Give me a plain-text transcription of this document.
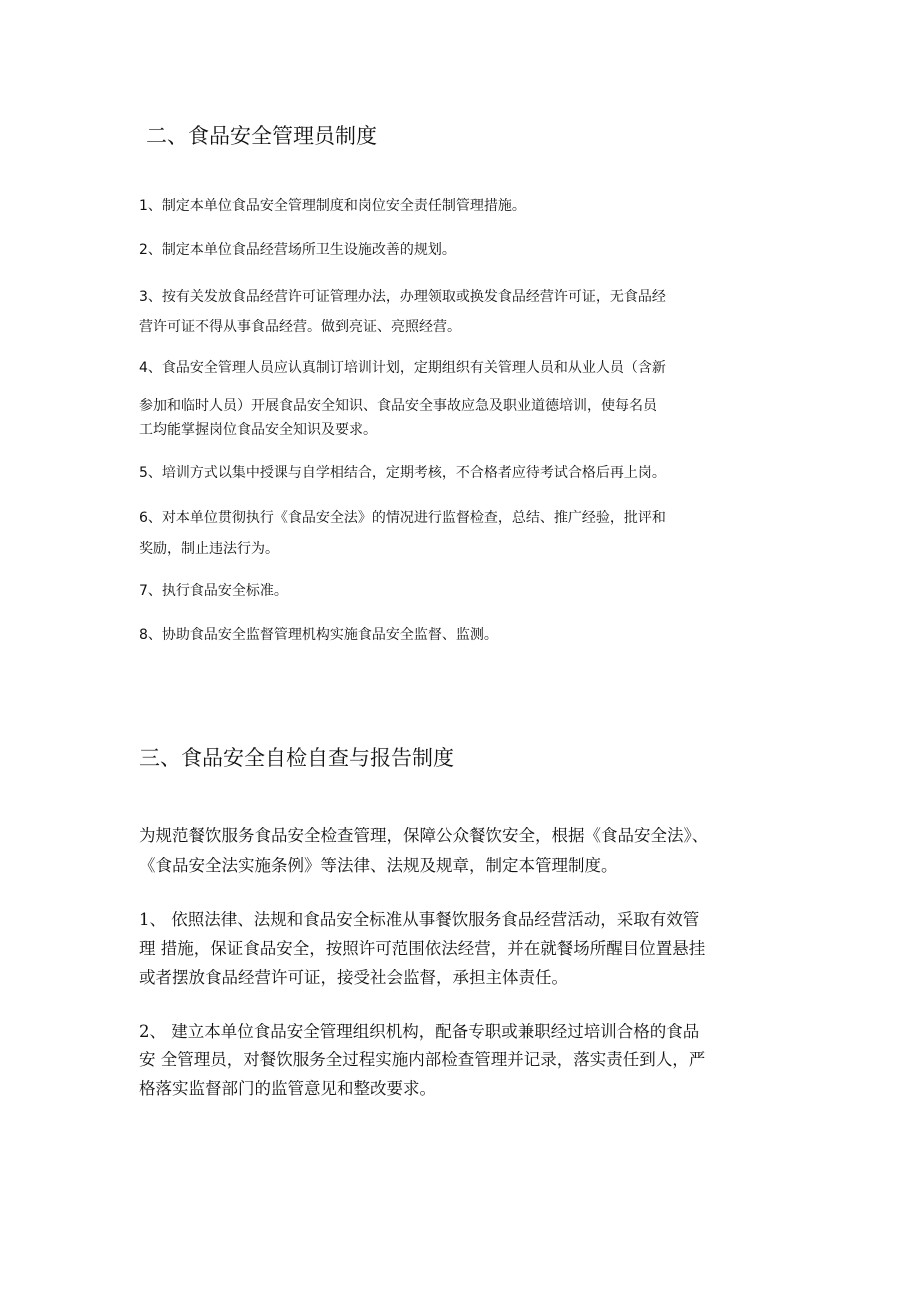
二、食品安全管理员制度
1、制定本单位食品安全管理制度和岗位安全责任制管理措施。
2、制定本单位食品经营场所卫生设施改善的规划。
3、按有关发放食品经营许可证管理办法，办理领取或换发食品经营许可证，无食品经
营许可证不得从事食品经营。做到亮证、亮照经营。
4、食品安全管理人员应认真制订培训计划，定期组织有关管理人员和从业人员（含新
参加和临时人员）开展食品安全知识、食品安全事故应急及职业道德培训，使每名员
工均能掌握岗位食品安全知识及要求。
5、培训方式以集中授课与自学相结合，定期考核，不合格者应待考试合格后再上岗。
6、对本单位贯彻执行《食品安全法》的情况进行监督检查，总结、推广经验，批评和
奖励，制止违法行为。
7、执行食品安全标准。
8、协助食品安全监督管理机构实施食品安全监督、监测。
三、食品安全自检自查与报告制度
为规范餐饮服务食品安全检查管理，保障公众餐饮安全，根据《食品安全法》、
《食品安全法实施条例》等法律、法规及规章，制定本管理制度。
1、 依照法律、法规和食品安全标准从事餐饮服务食品经营活动，采取有效管
理 措施，保证食品安全，按照许可范围依法经营，并在就餐场所醒目位置悬挂
或者摆放食品经营许可证，接受社会监督，承担主体责任。
2、 建立本单位食品安全管理组织机构，配备专职或兼职经过培训合格的食品
安 全管理员，对餐饮服务全过程实施内部检查管理并记录，落实责任到人，严
格落实监督部门的监管意见和整改要求。
